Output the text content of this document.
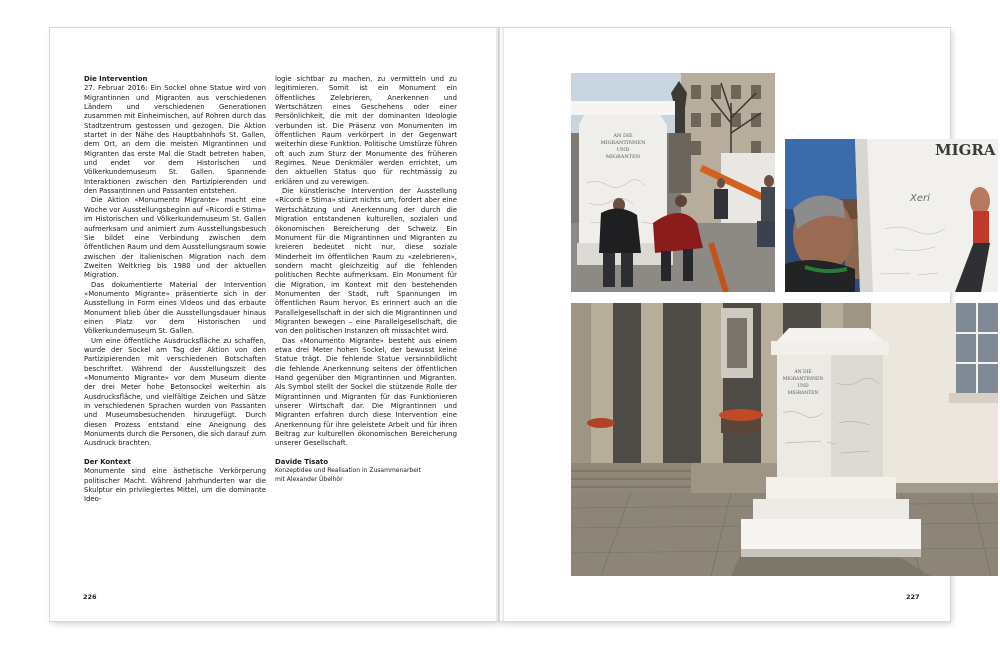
Die Intervention

27. Februar 2016: Ein Sockel ohne Statue wird von Migrantinnen und Migranten aus verschiedenen Ländern und verschiedenen Generationen zusammen mit Einheimischen, auf Rohren durch das Stadtzentrum gestossen und gezogen. Die Aktion startet in der Nähe des Hauptbahnhofs St. Gallen, dem Ort, an dem die meisten Migrantinnen und Migranten das erste Mal die Stadt betreten haben, und endet vor dem Historischen und Völkerkundemuseum St. Gallen. Spannende Interaktionen zwischen den Partizipierenden und den Passantinnen und Passanten entstehen.

Die Aktion «Monumento Migrante» macht eine Woche vor Ausstellungsbeginn auf «Ricordi e Stima» im Historischen und Völkerkundemuseum St. Gallen aufmerksam und animiert zum Ausstellungsbesuch Sie bildet eine Verbindung zwischen dem öffentlichen Raum und dem Ausstellungsraum sowie zwischen der italienischen Migration nach dem Zweiten Weltkrieg bis 1980 und der aktuellen Migration.

Das dokumentierte Material der Intervention «Monumento Migrante» präsentierte sich in der Ausstellung in Form eines Videos und das erbaute Monument blieb über die Ausstellungsdauer hinaus einen Platz vor dem Historischen und Völkerkundemuseum St. Gallen.

Um eine öffentliche Ausdrucksfläche zu schaffen, wurde der Sockel am Tag der Aktion von den Partizipierenden mit verschiedenen Botschaften beschriftet. Während der Ausstellungszeit des «Monumento Migrante» vor dem Museum diente der drei Meter hohe Betonsockel weiterhin als Ausdrucksfläche, und vielfältige Zeichen und Sätze in verschiedenen Sprachen wurden von Passanten und Museumsbesuchenden hinzugefügt. Durch diesen Prozess entstand eine Aneignung des Monuments durch die Personen, die sich darauf zum Ausdruck brachten.

Der Kontext

Monumente sind eine ästhetische Verkörperung politischer Macht. Während Jahrhunderten war die Skulptur ein privilegiertes Mittel, um die dominante Ideo-

logie sichtbar zu machen, zu vermitteln und zu legitimieren. Somit ist ein Monument ein öffentliches Zelebrieren, Anerkennen und Wertschätzen eines Geschehens oder einer Persönlichkeit, die mit der dominanten Ideologie verbunden ist. Die Präsenz von Monumenten im öffentlichen Raum verkörpert in der Gegenwart weiterhin diese Funktion. Politische Umstürze führen oft auch zum Sturz der Monumente des früheren Regimes. Neue Denkmäler werden errichtet, um den aktuellen Status quo für rechtmässig zu erklären und zu verewigen.

Die künstlerische Intervention der Ausstellung «Ricordi e Stima» stürzt nichts um, fordert aber eine Wertschätzung und Anerkennung der durch die Migration entstandenen kulturellen, sozialen und ökonomischen Bereicherung der Schweiz. Ein Monument für die Migrantinnen und Migranten zu kreieren bedeutet nicht nur, diese soziale Minderheit im öffentlichen Raum zu «zelebrieren», sondern macht gleichzeitig auf die fehlenden politischen Rechte aufmerksam. Ein Monument für die Migration, im Kontext mit den bestehenden Monumenten der Stadt, ruft Spannungen im öffentlichen Raum hervor. Es erinnert auch an die Parallelgesellschaft in der sich die Migrantinnen und Migranten bewegen – eine Parallelgesellschaft, die von den politischen Instanzen oft missachtet wird.

Das «Monumento Migrante» besteht aus einem etwa drei Meter hohen Sockel, der bewusst keine Statue trägt. Die fehlende Statue versinnbildlicht die fehlende Anerkennung seitens der öffentlichen Hand gegenüber den Migrantinnen und Migranten. Als Symbol stellt der Sockel die stützende Rolle der Migrantinnen und Migranten für das Funktionieren unserer Wirtschaft dar. Die Migrantinnen und Migranten erfahren durch diese Intervention eine Anerkennung für ihre geleistete Arbeit und für ihren Beitrag zur kulturellen ökonomischen Bereicherung unserer Gesellschaft.

Davide Tisato
Konzeptidee und Realisation in Zusammenarbeit
mit Alexander Übelhör
226
AN DIE
MIGRANTINNEN
UND
MIGRANTEN	MIGRA
Xeri
AN DIE
MIGRANTINNEN
UND
MIGRANTEN
227
